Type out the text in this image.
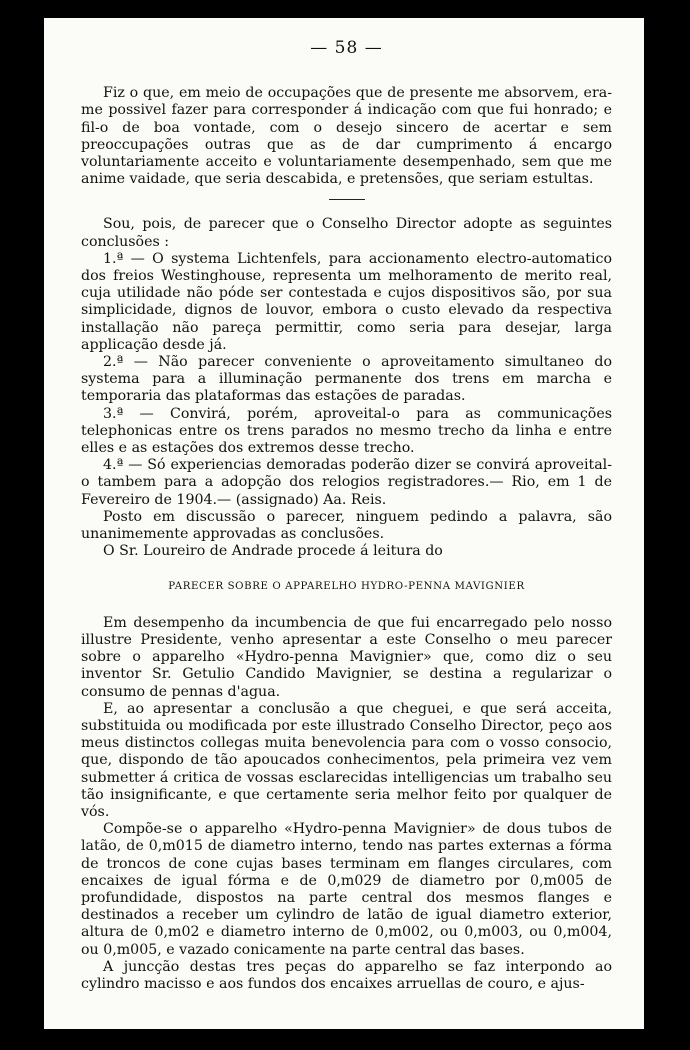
— 58 —

Fiz o que, em meio de occupações que de presente me absorvem, era-me possivel fazer para corresponder á indicação com que fui honrado; e fil-o de boa vontade, com o desejo sincero de acertar e sem preoccupações outras que as de dar cumprimento á encargo voluntariamente acceito e voluntariamente desempenhado, sem que me anime vaidade, que seria descabida, e pretensões, que seriam estultas.

Sou, pois, de parecer que o Conselho Director adopte as seguintes conclusões :

1.ª — O systema Lichtenfels, para accionamento electro-automatico dos freios Westinghouse, representa um melhoramento de merito real, cuja utilidade não póde ser contestada e cujos dispositivos são, por sua simplicidade, dignos de louvor, embora o custo elevado da respectiva installação não pareça permittir, como seria para desejar, larga applicação desde já.

2.ª — Não parecer conveniente o aproveitamento simultaneo do systema para a illuminação permanente dos trens em marcha e temporaria das plataformas das estações de paradas.

3.ª — Convirá, porém, aproveital-o para as communicações telephonicas entre os trens parados no mesmo trecho da linha e entre elles e as estações dos extremos desse trecho.

4.ª — Só experiencias demoradas poderão dizer se convirá aproveital-o tambem para a adopção dos relogios registradores.— Rio, em 1 de Fevereiro de 1904.— (assignado) Aa. Reis.

Posto em discussão o parecer, ninguem pedindo a palavra, são unanimemente approvadas as conclusões.

O Sr. Loureiro de Andrade procede á leitura do

PARECER SOBRE O APPARELHO HYDRO-PENNA MAVIGNIER

Em desempenho da incumbencia de que fui encarregado pelo nosso illustre Presidente, venho apresentar a este Conselho o meu parecer sobre o apparelho «Hydro-penna Mavignier» que, como diz o seu inventor Sr. Getulio Candido Mavignier, se destina a regularizar o consumo de pennas d'agua.

E, ao apresentar a conclusão a que cheguei, e que será acceita, substituida ou modificada por este illustrado Conselho Director, peço aos meus distinctos collegas muita benevolencia para com o vosso consocio, que, dispondo de tão apoucados conhecimentos, pela primeira vez vem submetter á critica de vossas esclarecidas intelligencias um trabalho seu tão insignificante, e que certamente seria melhor feito por qualquer de vós.

Compõe-se o apparelho «Hydro-penna Mavignier» de dous tubos de latão, de 0,m015 de diametro interno, tendo nas partes externas a fórma de troncos de cone cujas bases terminam em flanges circulares, com encaixes de igual fórma e de 0,m029 de diametro por 0,m005 de profundidade, dispostos na parte central dos mesmos flanges e destinados a receber um cylindro de latão de igual diametro exterior, altura de 0,m02 e diametro interno de 0,m002, ou 0,m003, ou 0,m004, ou 0,m005, e vazado conicamente na parte central das bases.

A juncção destas tres peças do apparelho se faz interpondo ao cylindro macisso e aos fundos dos encaixes arruellas de couro, e ajus-
